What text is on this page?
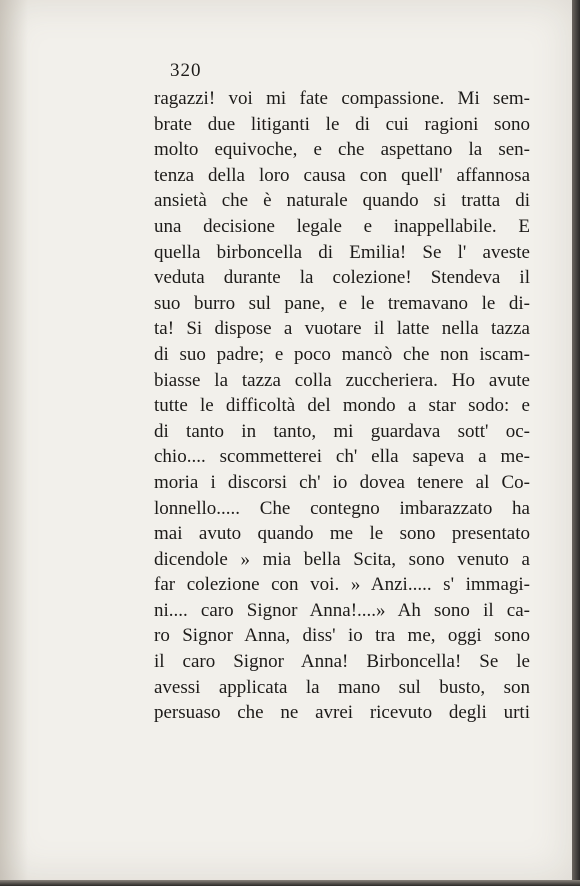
320
ragazzi! voi mi fate compassione. Mi sem-
brate due litiganti le di cui ragioni sono
molto equivoche, e che aspettano la sen-
tenza della loro causa con quell' affannosa
ansietà che è naturale quando si tratta di
una decisione legale e inappellabile. E
quella birboncella di Emilia! Se l' aveste
veduta durante la colezione! Stendeva il
suo burro sul pane, e le tremavano le di-
ta! Si dispose a vuotare il latte nella tazza
di suo padre; e poco mancò che non iscam-
biasse la tazza colla zuccheriera. Ho avute
tutte le difficoltà del mondo a star sodo: e
di tanto in tanto, mi guardava sott' oc-
chio.... scommetterei ch' ella sapeva a me-
moria i discorsi ch' io dovea tenere al Co-
lonnello..... Che contegno imbarazzato ha
mai avuto quando me le sono presentato
dicendole » mia bella Scita, sono venuto a
far colezione con voi. » Anzi..... s' immagi-
ni.... caro Signor Anna!....» Ah sono il ca-
ro Signor Anna, diss' io tra me, oggi sono
il caro Signor Anna! Birboncella! Se le
avessi applicata la mano sul busto, son
persuaso che ne avrei ricevuto degli urti
